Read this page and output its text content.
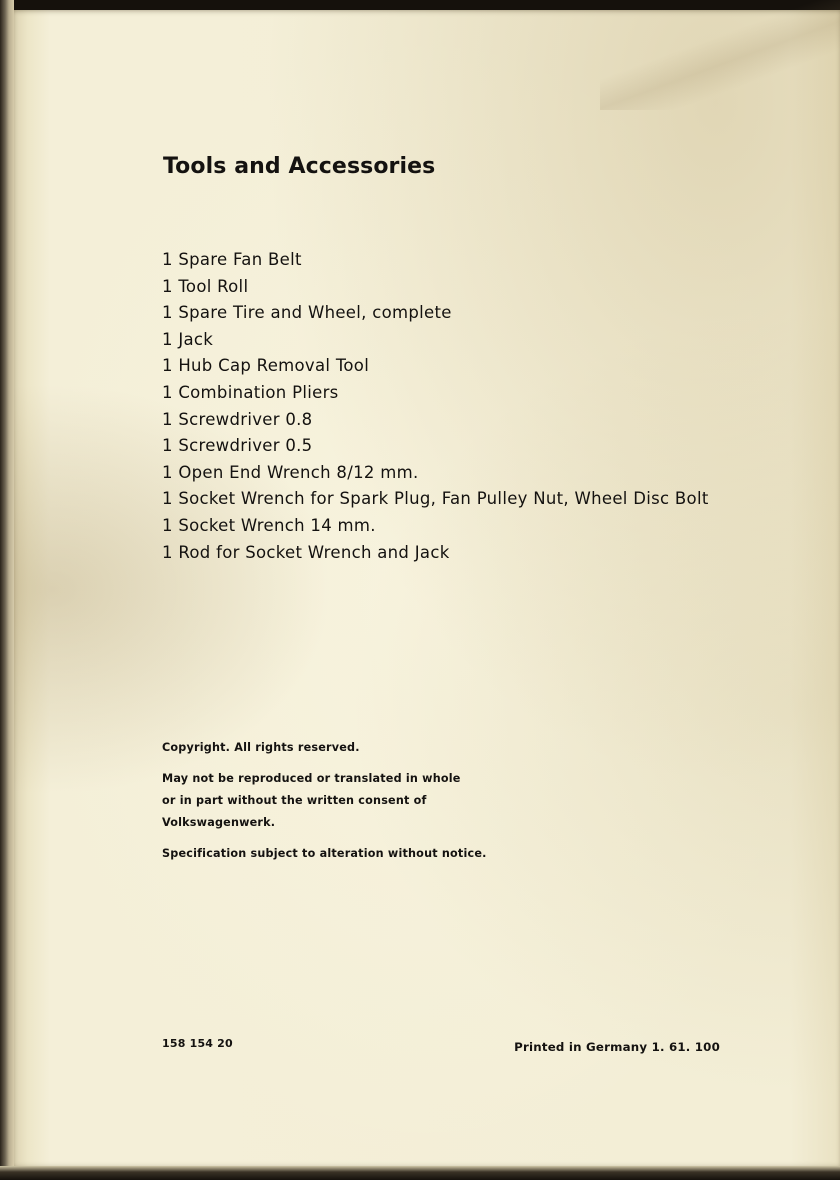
Tools and Accessories
1 Spare Fan Belt
1 Tool Roll
1 Spare Tire and Wheel, complete
1 Jack
1 Hub Cap Removal Tool
1 Combination Pliers
1 Screwdriver 0.8
1 Screwdriver 0.5
1 Open End Wrench 8/12 mm.
1 Socket Wrench for Spark Plug, Fan Pulley Nut, Wheel Disc Bolt
1 Socket Wrench 14 mm.
1 Rod for Socket Wrench and Jack

Copyright. All rights reserved.

May not be reproduced or translated in whole

or in part without the written consent of

Volkswagenwerk.

Specification subject to alteration without notice.

158 154 20	Printed in Germany 1. 61. 100
